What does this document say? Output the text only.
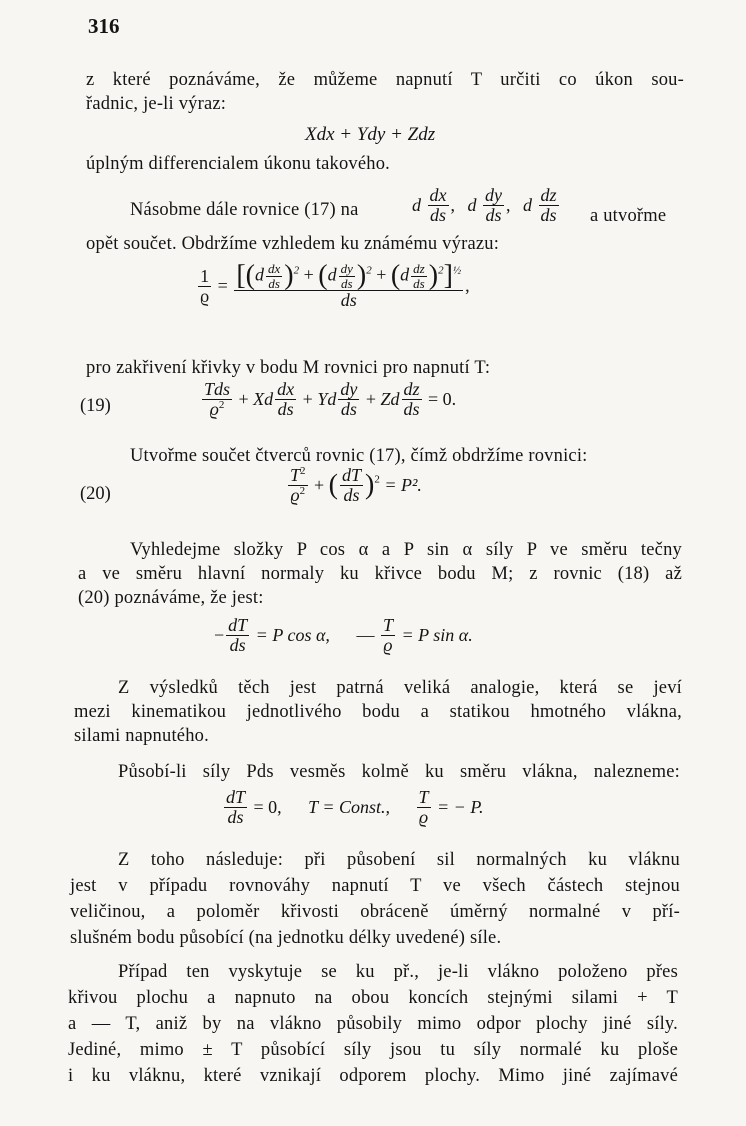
316
z které poznáváme, že můžeme napnutí T určiti co úkon sou-
řadnic, je-li výraz:
Xdx + Ydy + Zdz
úplným differencialem úkonu takového.
Násobme dále rovnice (17) na	d $\frac{dx}{ds}$ , d $\frac{dy}{ds}$ , d $\frac{dz}{ds}$ a utvořme
opět součet. Obdržíme vzhledem ku známému výrazu:
$\frac{1}{ϱ} = \frac{[(d \frac{dx}{ds} )^2 + (d \frac{dy}{ds} )^2 + (d \frac{dz}{ds} )^2]^{\frac{1}{2}}}{ds}$ ,
pro zakřivení křivky v bodu M rovnici pro napnutí T:
(19)	$\frac{\text{Tds}}{ϱ^2} + Xd \frac{dx}{ds} + Yd \frac{dy}{ds} + Zd \frac{dz}{ds} = 0$.
Utvořme součet čtverců rovnic (17), čímž obdržíme rovnici:
(20)	$\frac{T^2}{ϱ^2}$ + ( $\frac{dT}{ds} )^2 = P^2$.
Vyhledejme složky P cos α a P sin α síly P ve směru tečny
a ve směru hlavní normaly ku křivce bodu M; z rovnic (18) až
(20) poznáváme, že jest:
− $\frac{dT}{ds} = P$ cos α, — $\frac{T}{ϱ} = P$ sin α.
Z výsledků těch jest patrná veliká analogie, která se jeví
mezi kinematikou jednotlivého bodu a statikou hmotného vlákna,
silami napnutého.
Působí-li síly Pds vesměs kolmě ku směru vlákna, nalezneme:
$\frac{dT}{ds} = 0$, T = Const., $\frac{T}{ϱ}$ = − P.
Z toho následuje: při působení sil normalných ku vláknu
jest v případu rovnováhy napnutí T ve všech částech stejnou
veličinou, a poloměr křivosti obráceně úměrný normalné v pří-
slušném bodu působící (na jednotku délky uvedené) síle.
Případ ten vyskytuje se ku př., je-li vlákno položeno přes
křivou plochu a napnuto na obou koncích stejnými silami + T
a — T, aniž by na vlákno působily mimo odpor plochy jiné síly.
Jediné, mimo ± T působící síly jsou tu síly normalé ku ploše
i ku vláknu, které vznikají odporem plochy. Mimo jiné zajímavé
